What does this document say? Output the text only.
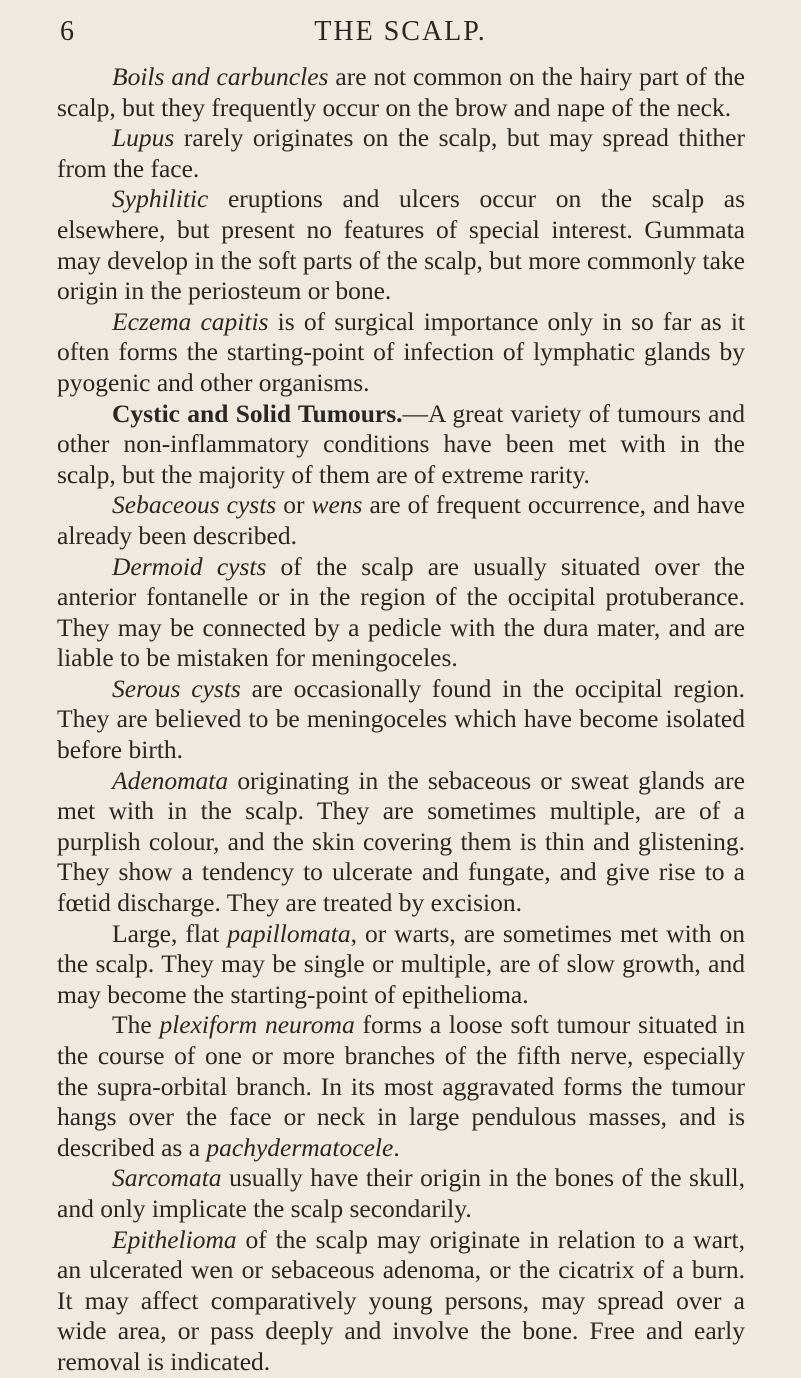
6	THE SCALP.

Boils and carbuncles are not common on the hairy part of the scalp, but they frequently occur on the brow and nape of the neck.

Lupus rarely originates on the scalp, but may spread thither from the face.

Syphilitic eruptions and ulcers occur on the scalp as elsewhere, but present no features of special interest. Gummata may develop in the soft parts of the scalp, but more commonly take origin in the periosteum or bone.

Eczema capitis is of surgical importance only in so far as it often forms the starting-point of infection of lymphatic glands by pyogenic and other organisms.

Cystic and Solid Tumours.—A great variety of tumours and other non-inflammatory conditions have been met with in the scalp, but the majority of them are of extreme rarity.

Sebaceous cysts or wens are of frequent occurrence, and have already been described.

Dermoid cysts of the scalp are usually situated over the anterior fontanelle or in the region of the occipital protuberance. They may be connected by a pedicle with the dura mater, and are liable to be mistaken for meningoceles.

Serous cysts are occasionally found in the occipital region. They are believed to be meningoceles which have become isolated before birth.

Adenomata originating in the sebaceous or sweat glands are met with in the scalp. They are sometimes multiple, are of a purplish colour, and the skin covering them is thin and glistening. They show a tendency to ulcerate and fungate, and give rise to a fœtid discharge. They are treated by excision.

Large, flat papillomata, or warts, are sometimes met with on the scalp. They may be single or multiple, are of slow growth, and may become the starting-point of epithelioma.

The plexiform neuroma forms a loose soft tumour situated in the course of one or more branches of the fifth nerve, especially the supra-orbital branch. In its most aggravated forms the tumour hangs over the face or neck in large pendulous masses, and is described as a pachydermatocele.

Sarcomata usually have their origin in the bones of the skull, and only implicate the scalp secondarily.

Epithelioma of the scalp may originate in relation to a wart, an ulcerated wen or sebaceous adenoma, or the cicatrix of a burn. It may affect comparatively young persons, may spread over a wide area, or pass deeply and involve the bone. Free and early removal is indicated.
